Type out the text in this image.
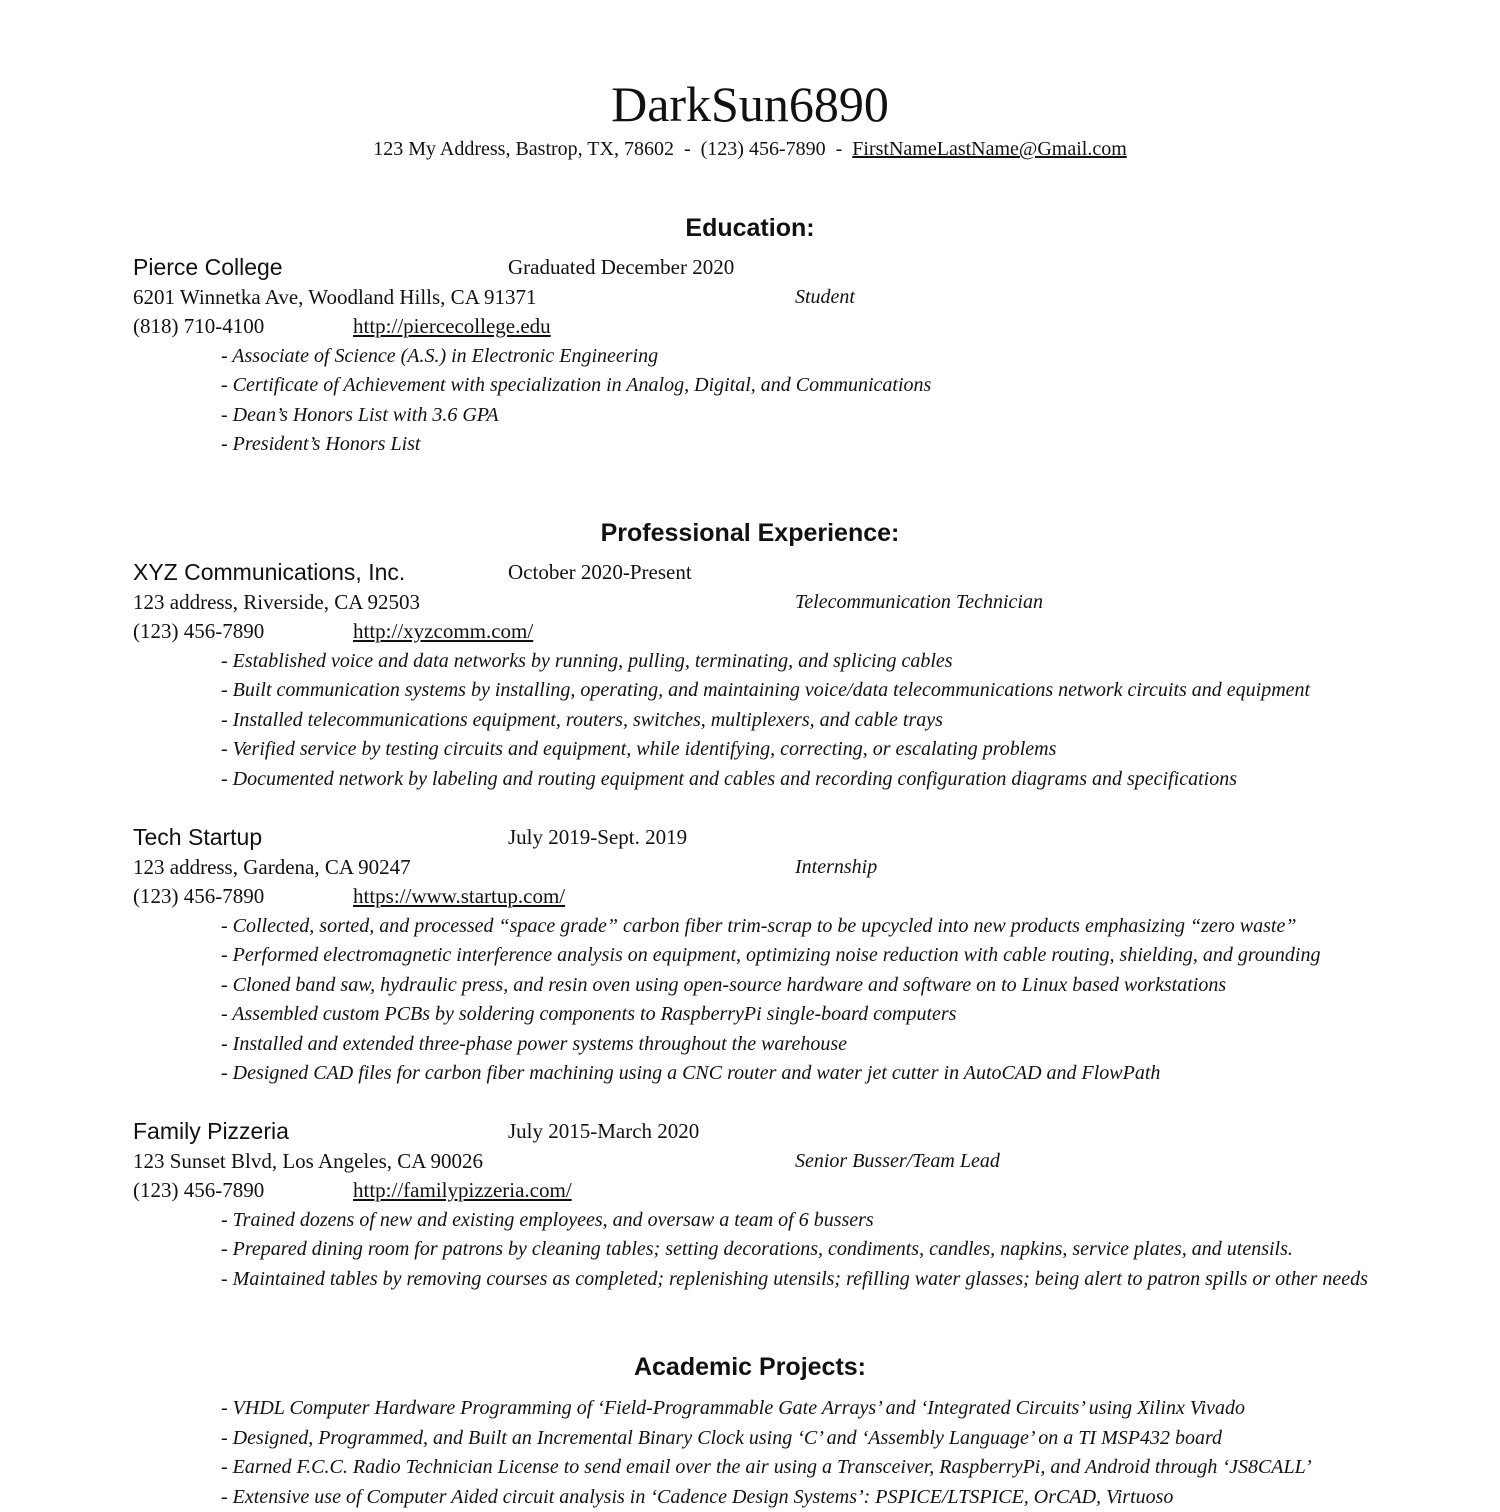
DarkSun6890
123 My Address, Bastrop, TX, 78602 - (123) 456-7890 - FirstNameLastName@Gmail.com
Education:
Professional Experience:
Academic Projects:
Pierce College	Graduated December 2020
6201 Winnetka Ave, Woodland Hills, CA 91371	Student
(818) 710-4100	http://piercecollege.edu
- Associate of Science (A.S.) in Electronic Engineering
- Certificate of Achievement with specialization in Analog, Digital, and Communications
- Dean’s Honors List with 3.6 GPA
- President’s Honors List
XYZ Communications, Inc.	October 2020-Present
123 address, Riverside, CA 92503	Telecommunication Technician
(123) 456-7890	http://xyzcomm.com/
- Established voice and data networks by running, pulling, terminating, and splicing cables
- Built communication systems by installing, operating, and maintaining voice/data telecommunications network circuits and equipment
- Installed telecommunications equipment, routers, switches, multiplexers, and cable trays
- Verified service by testing circuits and equipment, while identifying, correcting, or escalating problems
- Documented network by labeling and routing equipment and cables and recording configuration diagrams and specifications
Tech Startup	July 2019-Sept. 2019
123 address, Gardena, CA 90247	Internship
(123) 456-7890	https://www.startup.com/
- Collected, sorted, and processed “space grade” carbon fiber trim-scrap to be upcycled into new products emphasizing “zero waste”
- Performed electromagnetic interference analysis on equipment, optimizing noise reduction with cable routing, shielding, and grounding
- Cloned band saw, hydraulic press, and resin oven using open-source hardware and software on to Linux based workstations
- Assembled custom PCBs by soldering components to RaspberryPi single-board computers
- Installed and extended three-phase power systems throughout the warehouse
- Designed CAD files for carbon fiber machining using a CNC router and water jet cutter in AutoCAD and FlowPath
Family Pizzeria	July 2015-March 2020
123 Sunset Blvd, Los Angeles, CA 90026	Senior Busser/Team Lead
(123) 456-7890	http://familypizzeria.com/
- Trained dozens of new and existing employees, and oversaw a team of 6 bussers
- Prepared dining room for patrons by cleaning tables; setting decorations, condiments, candles, napkins, service plates, and utensils.
- Maintained tables by removing courses as completed; replenishing utensils; refilling water glasses; being alert to patron spills or other needs
- VHDL Computer Hardware Programming of ‘Field-Programmable Gate Arrays’ and ‘Integrated Circuits’ using Xilinx Vivado
- Designed, Programmed, and Built an Incremental Binary Clock using ‘C’ and ‘Assembly Language’ on a TI MSP432 board
- Earned F.C.C. Radio Technician License to send email over the air using a Transceiver, RaspberryPi, and Android through ‘JS8CALL’
- Extensive use of Computer Aided circuit analysis in ‘Cadence Design Systems’: PSPICE/LTSPICE, OrCAD, Virtuoso
